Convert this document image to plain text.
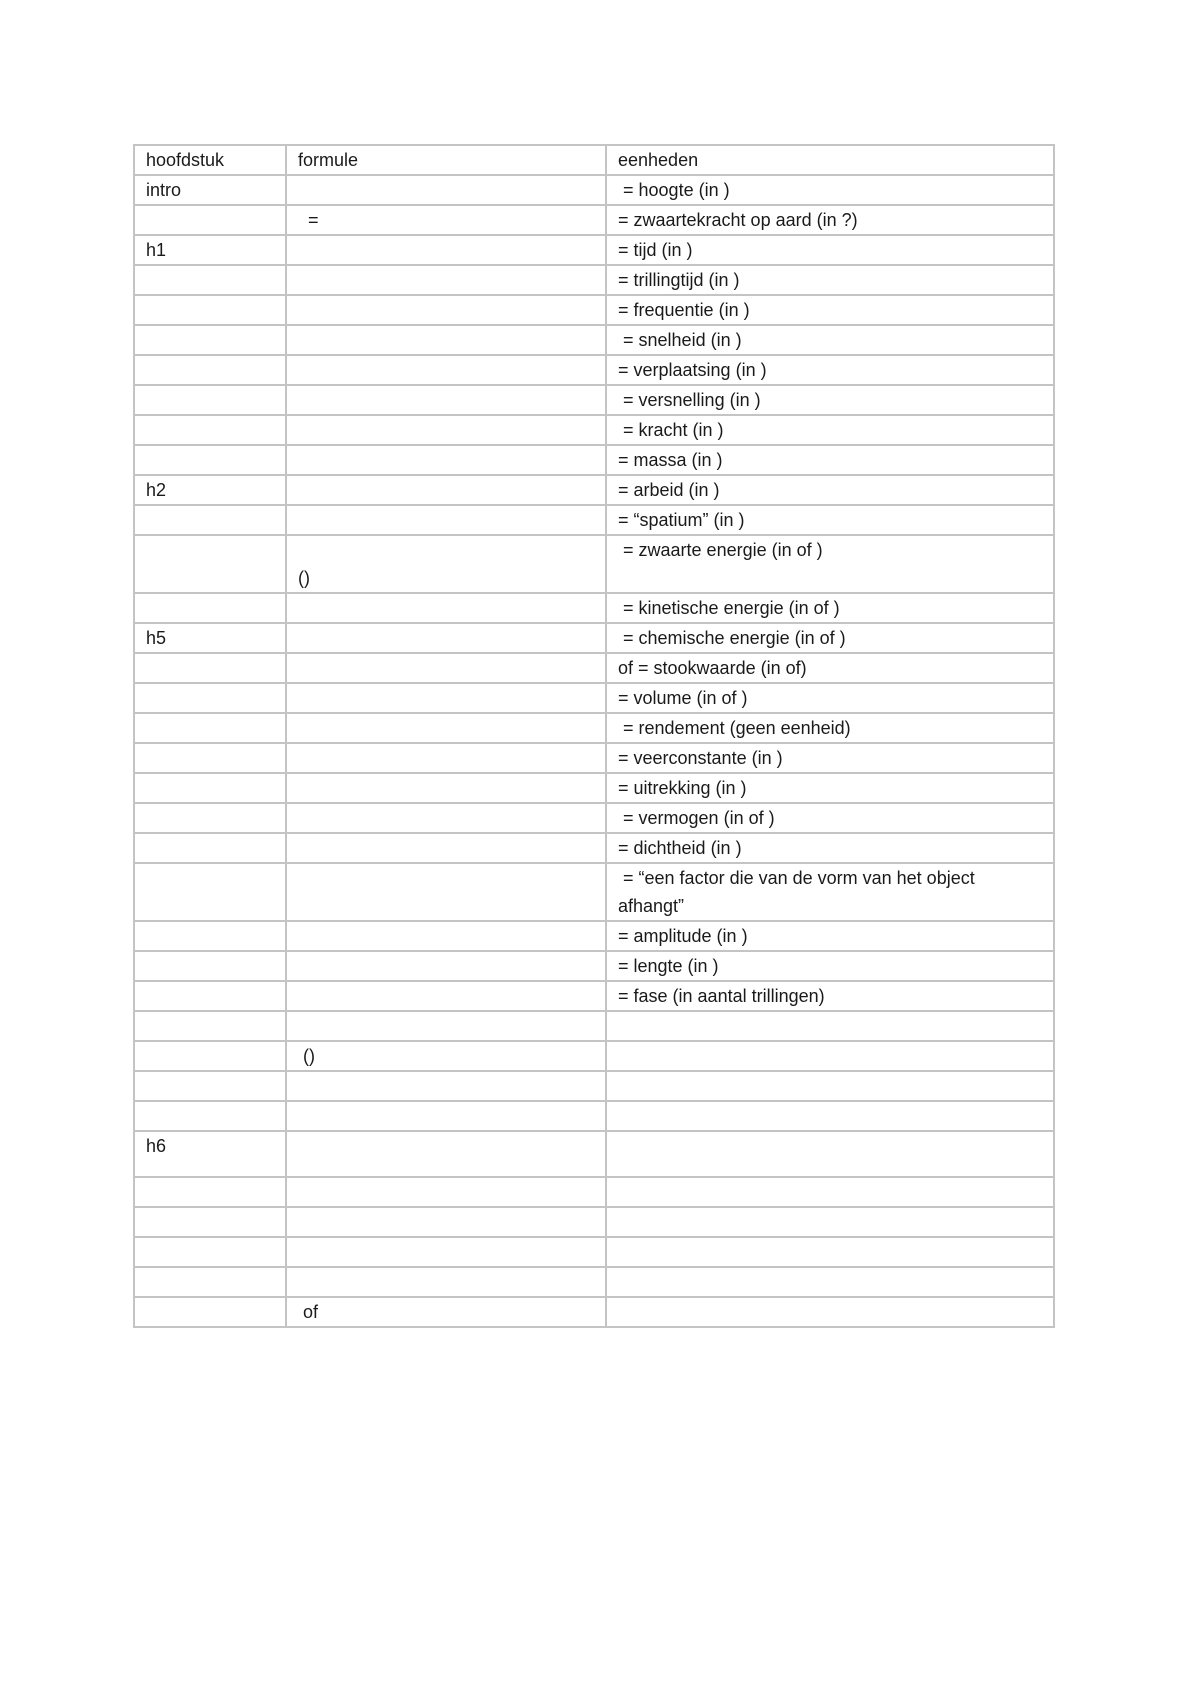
hoofdstuk	formule	eenheden
intro		= hoogte (in )
	=	= zwaartekracht op aard (in ?)
h1		= tijd (in )
		= trillingtijd (in )
		= frequentie (in )
		= snelheid (in )
		= verplaatsing (in )
		= versnelling (in )
		= kracht (in )
		= massa (in )
h2		= arbeid (in )
		= “spatium” (in )
	()	= zwaarte energie (in of )
		= kinetische energie (in of )
h5		= chemische energie (in of )
		of = stookwaarde (in of)
		= volume (in of )
		= rendement (geen eenheid)
		= veerconstante (in )
		= uitrekking (in )
		= vermogen (in of )
		= dichtheid (in )
		= “een factor die van de vorm van het object afhangt”
		= amplitude (in )
		= lengte (in )
		= fase (in aantal trillingen)

	()	

h6		

	of	
